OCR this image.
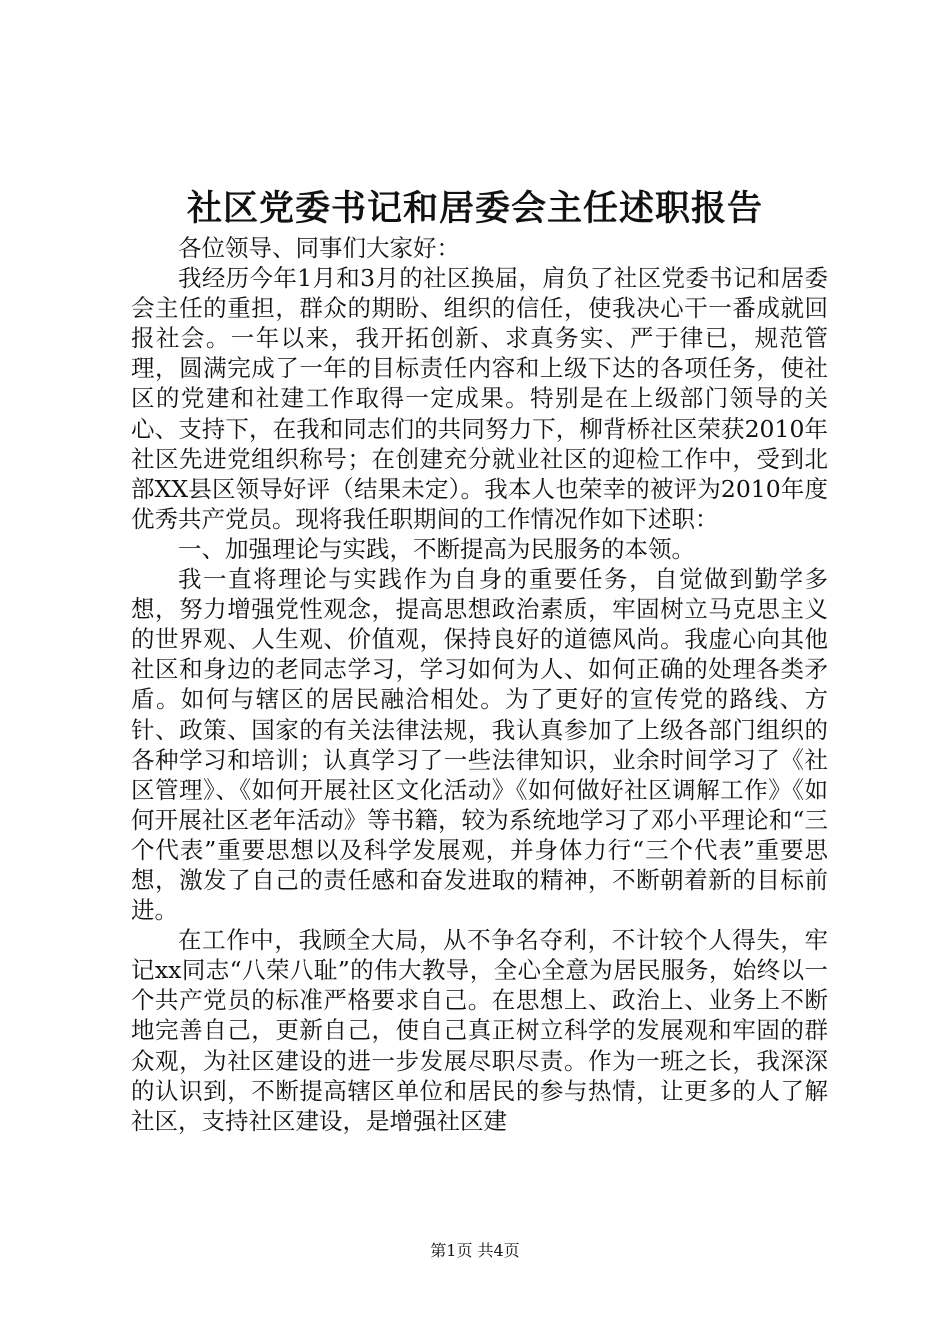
社区党委书记和居委会主任述职报告

各位领导、同事们大家好：

我经历今年1月和3月的社区换届，肩负了社区党委书记和居委会主任的重担，群众的期盼、组织的信任，使我决心干一番成就回报社会。一年以来，我开拓创新、求真务实、严于律已，规范管理，圆满完成了一年的目标责任内容和上级下达的各项任务，使社区的党建和社建工作取得一定成果。特别是在上级部门领导的关心、支持下，在我和同志们的共同努力下，柳背桥社区荣获2010年社区先进党组织称号；在创建充分就业社区的迎检工作中，受到北部XX县区领导好评（结果未定）。我本人也荣幸的被评为2010年度优秀共产党员。现将我任职期间的工作情况作如下述职：

一、加强理论与实践，不断提高为民服务的本领。

我一直将理论与实践作为自身的重要任务，自觉做到勤学多想，努力增强党性观念，提高思想政治素质，牢固树立马克思主义的世界观、人生观、价值观，保持良好的道德风尚。我虚心向其他社区和身边的老同志学习，学习如何为人、如何正确的处理各类矛盾。如何与辖区的居民融洽相处。为了更好的宣传党的路线、方针、政策、国家的有关法律法规，我认真参加了上级各部门组织的各种学习和培训；认真学习了一些法律知识，业余时间学习了《社区管理》、《如何开展社区文化活动》《如何做好社区调解工作》《如何开展社区老年活动》等书籍，较为系统地学习了邓小平理论和“三个代表”重要思想以及科学发展观，并身体力行“三个代表”重要思想，激发了自己的责任感和奋发进取的精神，不断朝着新的目标前进。

在工作中，我顾全大局，从不争名夺利，不计较个人得失，牢记xx同志“八荣八耻”的伟大教导，全心全意为居民服务，始终以一个共产党员的标准严格要求自己。在思想上、政治上、业务上不断地完善自己，更新自己，使自己真正树立科学的发展观和牢固的群众观，为社区建设的进一步发展尽职尽责。作为一班之长，我深深的认识到，不断提高辖区单位和居民的参与热情，让更多的人了解社区，支持社区建设，是增强社区建

第1页 共4页
